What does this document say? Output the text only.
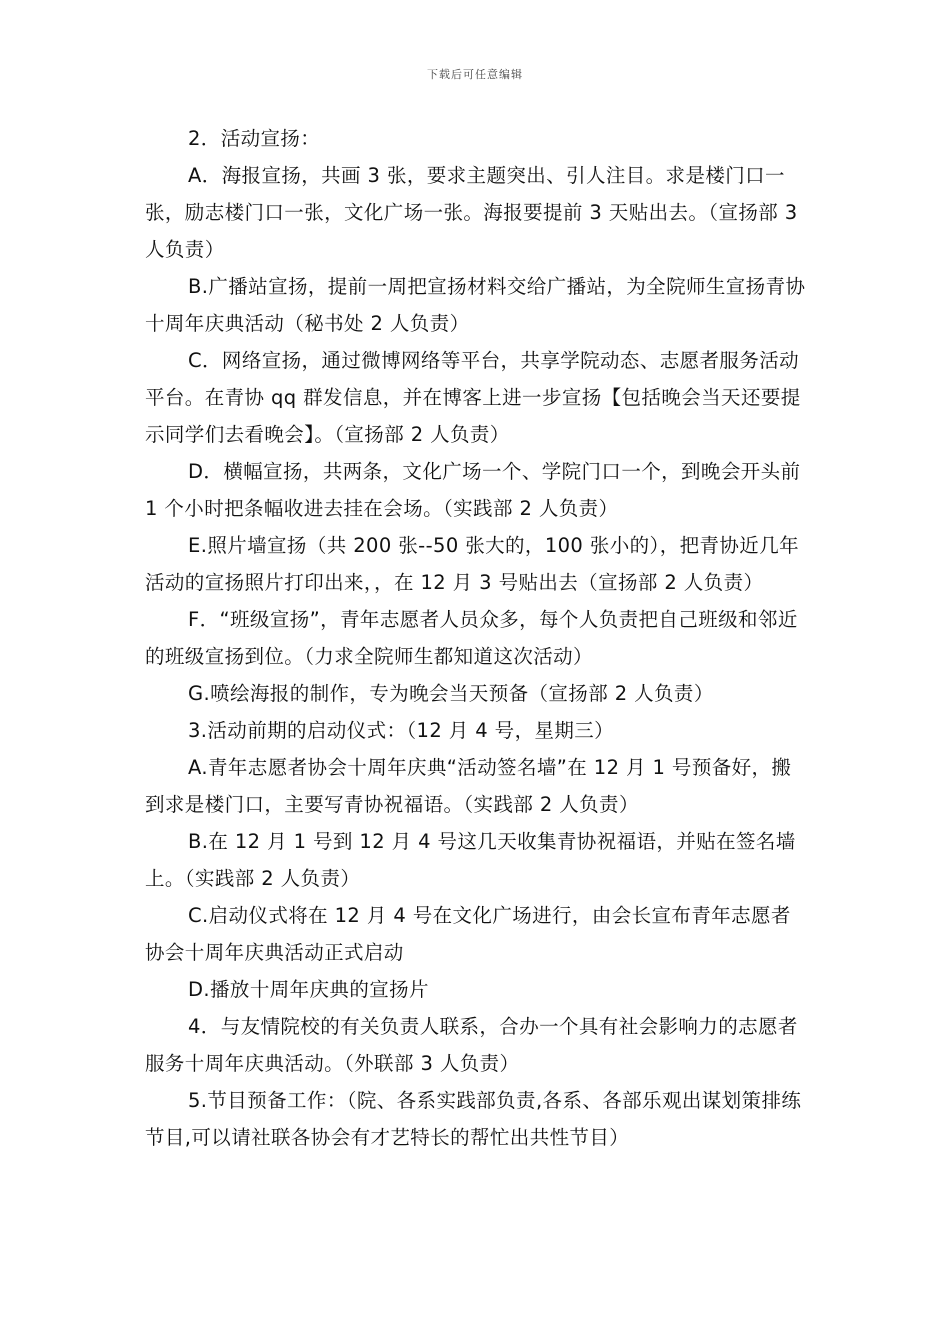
下载后可任意编辑

2．活动宣扬：

A．海报宣扬，共画 3 张，要求主题突出、引人注目。求是楼门口一张，励志楼门口一张，文化广场一张。海报要提前 3 天贴出去。（宣扬部 3 人负责）

B.广播站宣扬，提前一周把宣扬材料交给广播站，为全院师生宣扬青协十周年庆典活动（秘书处 2 人负责）

C．网络宣扬，通过微博网络等平台，共享学院动态、志愿者服务活动平台。在青协 qq 群发信息，并在博客上进一步宣扬【包括晚会当天还要提示同学们去看晚会】。（宣扬部 2 人负责）

D．横幅宣扬，共两条，文化广场一个、学院门口一个，到晚会开头前 1 个小时把条幅收进去挂在会场。（实践部 2 人负责）

E.照片墙宣扬（共 200 张--50 张大的，100 张小的），把青协近几年活动的宣扬照片打印出来，，在 12 月 3 号贴出去（宣扬部 2 人负责）

F．“班级宣扬”，青年志愿者人员众多，每个人负责把自己班级和邻近的班级宣扬到位。（力求全院师生都知道这次活动）

G.喷绘海报的制作，专为晚会当天预备（宣扬部 2 人负责）

3.活动前期的启动仪式：（12 月 4 号，星期三）

A.青年志愿者协会十周年庆典“活动签名墙”在 12 月 1 号预备好，搬到求是楼门口，主要写青协祝福语。（实践部 2 人负责）

B.在 12 月 1 号到 12 月 4 号这几天收集青协祝福语，并贴在签名墙上。（实践部 2 人负责）

C.启动仪式将在 12 月 4 号在文化广场进行，由会长宣布青年志愿者协会十周年庆典活动正式启动

D.播放十周年庆典的宣扬片

4．与友情院校的有关负责人联系，合办一个具有社会影响力的志愿者服务十周年庆典活动。（外联部 3 人负责）

5.节目预备工作：（院、各系实践部负责,各系、各部乐观出谋划策排练节目,可以请社联各协会有才艺特长的帮忙出共性节目）
